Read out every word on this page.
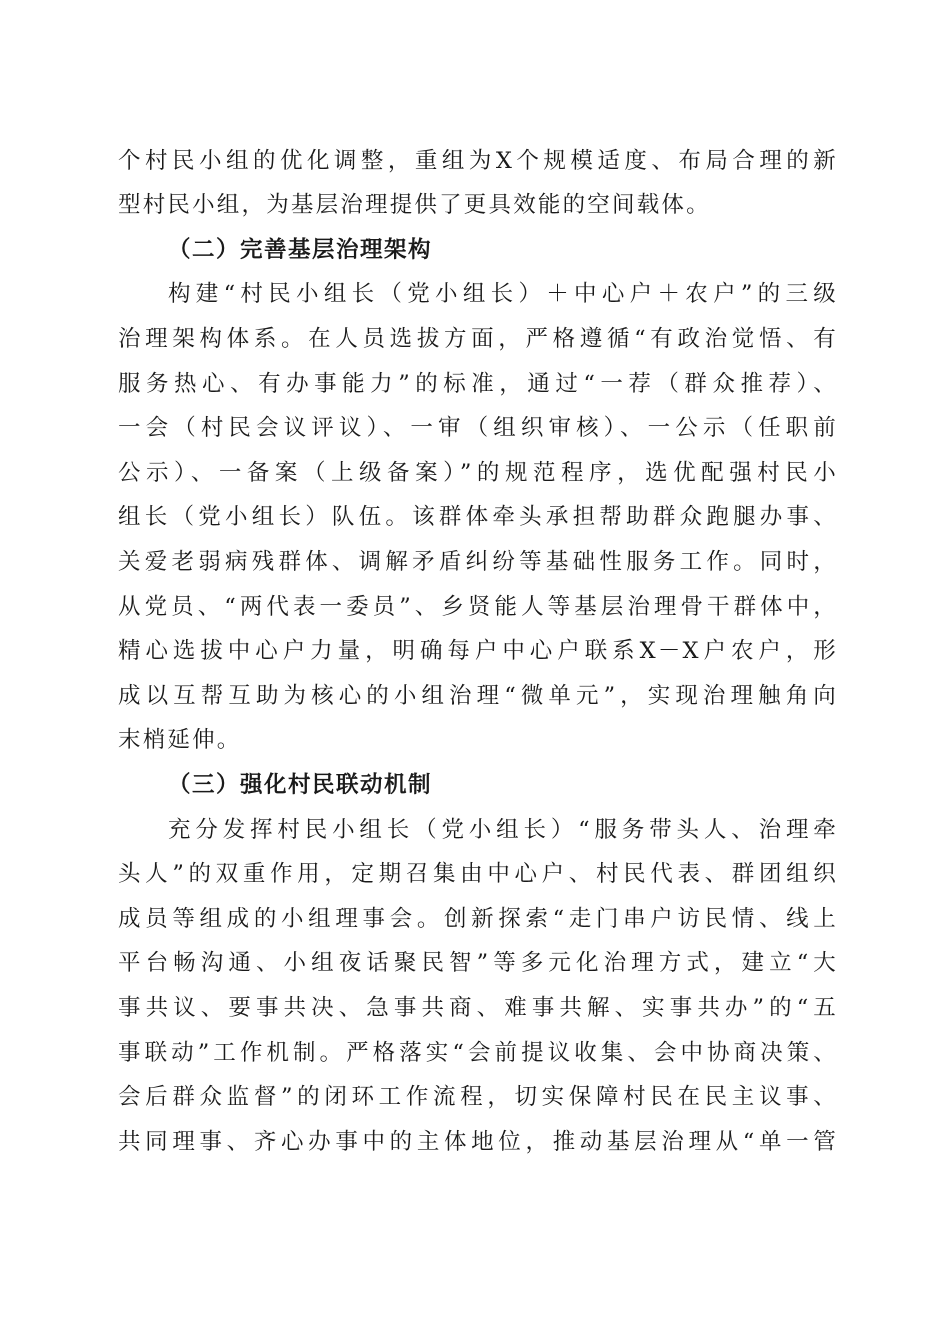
个村民小组的优化调整，重组为X个规模适度、布局合理的新
型村民小组，为基层治理提供了更具效能的空间载体。
（二）完善基层治理架构
构建“村民小组长（党小组长）＋中心户＋农户”的三级
治理架构体系。在人员选拔方面，严格遵循“有政治觉悟、有
服务热心、有办事能力”的标准，通过“一荐（群众推荐）、
一会（村民会议评议）、一审（组织审核）、一公示（任职前
公示）、一备案（上级备案）”的规范程序，选优配强村民小
组长（党小组长）队伍。该群体牵头承担帮助群众跑腿办事、
关爱老弱病残群体、调解矛盾纠纷等基础性服务工作。同时，
从党员、“两代表一委员”、乡贤能人等基层治理骨干群体中，
精心选拔中心户力量，明确每户中心户联系X－X户农户，形
成以互帮互助为核心的小组治理“微单元”，实现治理触角向
末梢延伸。
（三）强化村民联动机制
充分发挥村民小组长（党小组长）“服务带头人、治理牵
头人”的双重作用，定期召集由中心户、村民代表、群团组织
成员等组成的小组理事会。创新探索“走门串户访民情、线上
平台畅沟通、小组夜话聚民智”等多元化治理方式，建立“大
事共议、要事共决、急事共商、难事共解、实事共办”的“五
事联动”工作机制。严格落实“会前提议收集、会中协商决策、
会后群众监督”的闭环工作流程，切实保障村民在民主议事、
共同理事、齐心办事中的主体地位，推动基层治理从“单一管
